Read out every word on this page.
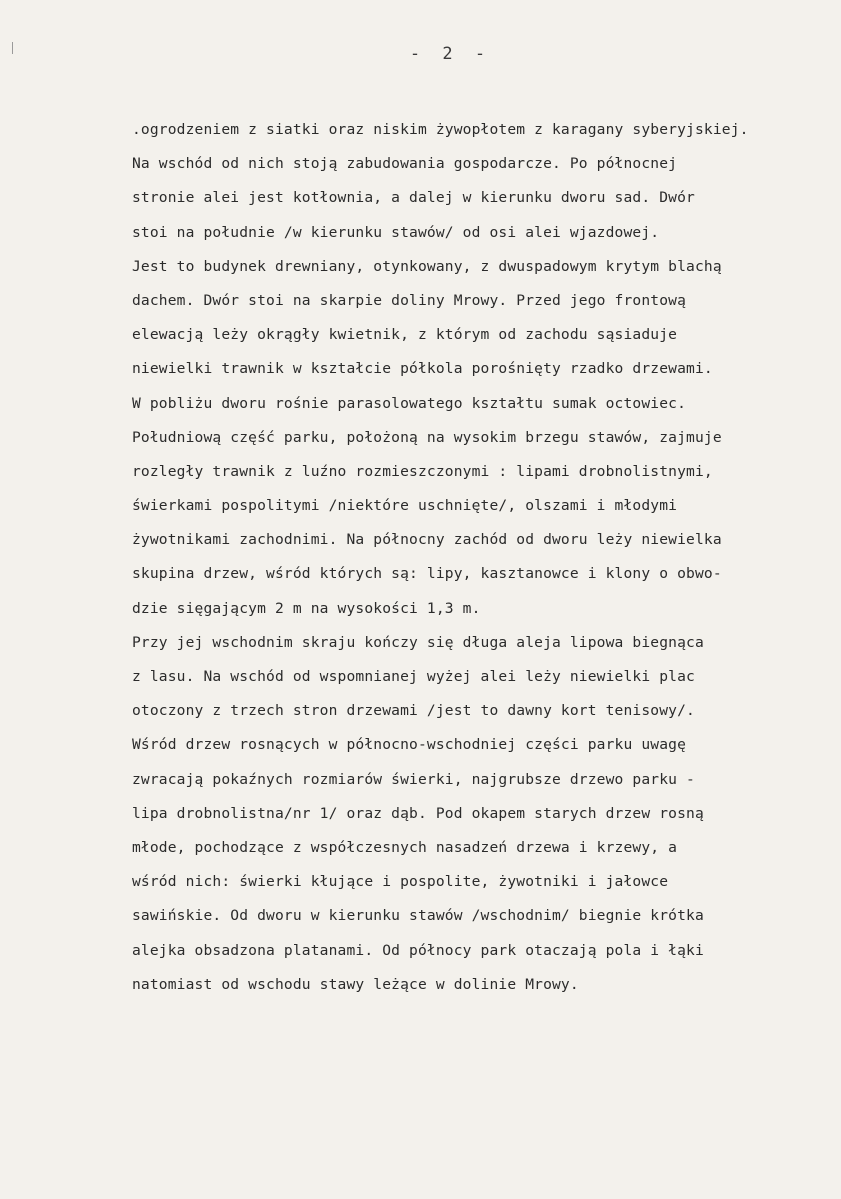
- 2 -
.ogrodzeniem z siatki oraz niskim żywopłotem z karagany syberyjskiej.
Na wschód od nich stoją zabudowania gospodarcze. Po północnej
stronie alei jest kotłownia, a dalej w kierunku dworu sad. Dwór
stoi na południe /w kierunku stawów/ od osi alei wjazdowej.
Jest to budynek drewniany, otynkowany, z dwuspadowym krytym blachą
dachem. Dwór stoi na skarpie doliny Mrowy. Przed jego frontową
elewacją leży okrągły kwietnik, z którym od zachodu sąsiaduje
niewielki trawnik w kształcie półkola porośnięty rzadko drzewami.
W pobliżu dworu rośnie parasolowatego kształtu sumak octowiec.
Południową część parku, położoną na wysokim brzegu stawów, zajmuje
rozległy trawnik z luźno rozmieszczonymi : lipami drobnolistnymi,
świerkami pospolitymi /niektóre uschnięte/, olszami i młodymi
żywotnikami zachodnimi. Na północny zachód od dworu leży niewielka
skupina drzew, wśród których są: lipy, kasztanowce i klony o obwo-
dzie sięgającym 2 m na wysokości 1,3 m.
Przy jej wschodnim skraju kończy się długa aleja lipowa biegnąca
z lasu. Na wschód od wspomnianej wyżej alei leży niewielki plac
otoczony z trzech stron drzewami /jest to dawny kort tenisowy/.
Wśród drzew rosnących w północno-wschodniej części parku uwagę
zwracają pokaźnych rozmiarów świerki, najgrubsze drzewo parku -
lipa drobnolistna/nr 1/ oraz dąb. Pod okapem starych drzew rosną
młode, pochodzące z współczesnych nasadzeń drzewa i krzewy, a
wśród nich: świerki kłujące i pospolite, żywotniki i jałowce
sawińskie. Od dworu w kierunku stawów /wschodnim/ biegnie krótka
alejka obsadzona platanami. Od północy park otaczają pola i łąki
natomiast od wschodu stawy leżące w dolinie Mrowy.
